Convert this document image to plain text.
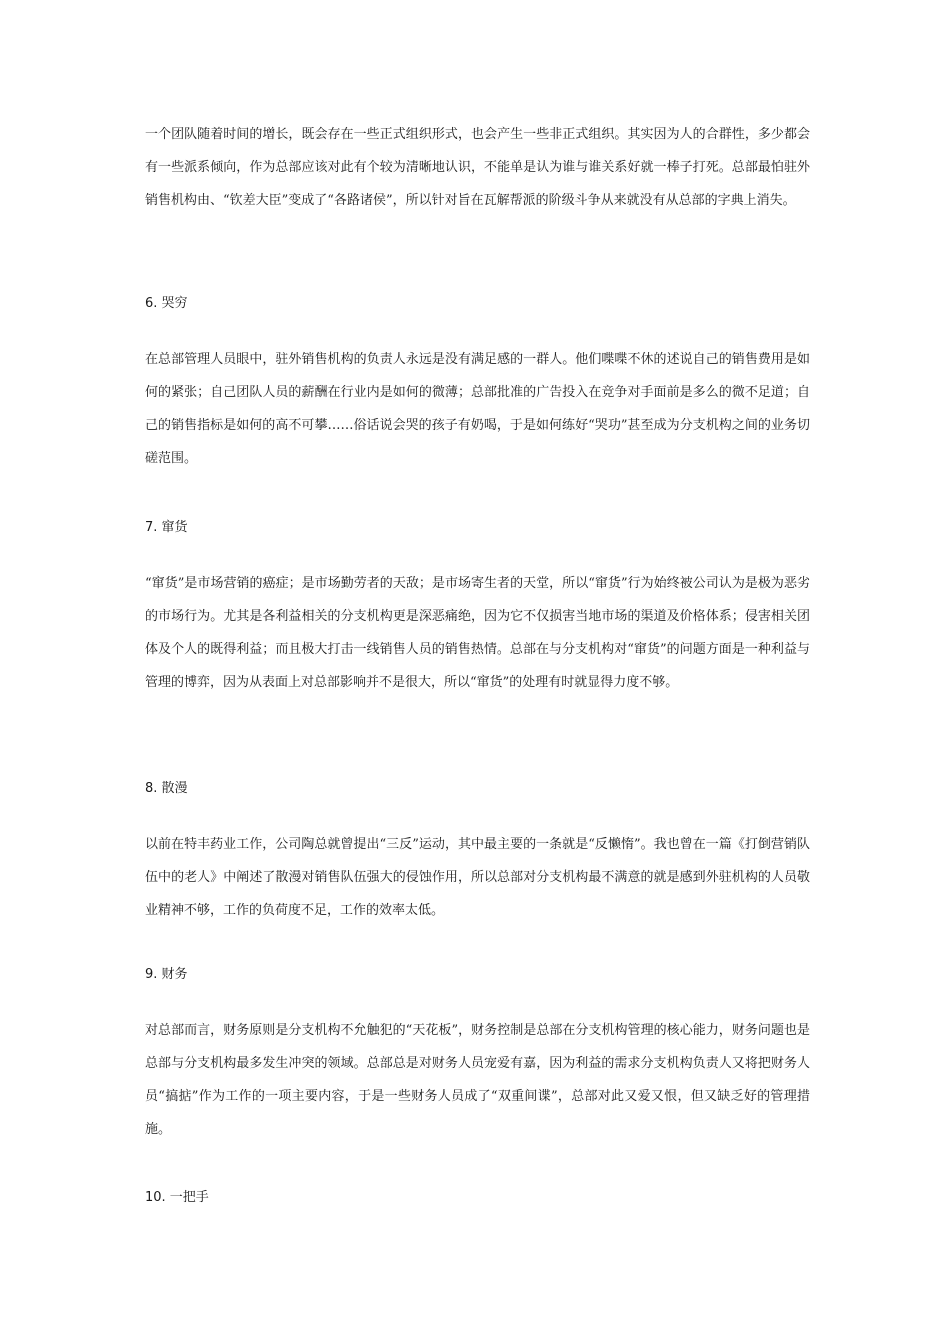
一个团队随着时间的增长，既会存在一些正式组织形式，也会产生一些非正式组织。其实因为人的合群性，多少都会有一些派系倾向，作为总部应该对此有个较为清晰地认识，不能单是认为谁与谁关系好就一棒子打死。总部最怕驻外销售机构由、“钦差大臣”变成了“各路诸侯”，所以针对旨在瓦解帮派的阶级斗争从来就没有从总部的字典上消失。

6. 哭穷

在总部管理人员眼中，驻外销售机构的负责人永远是没有满足感的一群人。他们喋喋不休的述说自己的销售费用是如何的紧张；自己团队人员的薪酬在行业内是如何的微薄；总部批准的广告投入在竞争对手面前是多么的微不足道；自己的销售指标是如何的高不可攀……俗话说会哭的孩子有奶喝，于是如何练好“哭功”甚至成为分支机构之间的业务切磋范围。

7. 窜货

“窜货”是市场营销的癌症；是市场勤劳者的天敌；是市场寄生者的天堂，所以“窜货”行为始终被公司认为是极为恶劣的市场行为。尤其是各利益相关的分支机构更是深恶痛绝，因为它不仅损害当地市场的渠道及价格体系；侵害相关团体及个人的既得利益；而且极大打击一线销售人员的销售热情。总部在与分支机构对“窜货”的问题方面是一种利益与管理的博弈，因为从表面上对总部影响并不是很大，所以“窜货”的处理有时就显得力度不够。

8. 散漫

以前在特丰药业工作，公司陶总就曾提出“三反”运动，其中最主要的一条就是“反懒惰”。我也曾在一篇《打倒营销队伍中的老人》中阐述了散漫对销售队伍强大的侵蚀作用，所以总部对分支机构最不满意的就是感到外驻机构的人员敬业精神不够，工作的负荷度不足，工作的效率太低。

9. 财务

对总部而言，财务原则是分支机构不允触犯的“天花板”，财务控制是总部在分支机构管理的核心能力，财务问题也是总部与分支机构最多发生冲突的领域。总部总是对财务人员宠爱有嘉，因为利益的需求分支机构负责人又将把财务人员“搞掂”作为工作的一项主要内容，于是一些财务人员成了“双重间谍”，总部对此又爱又恨，但又缺乏好的管理措施。

10. 一把手
